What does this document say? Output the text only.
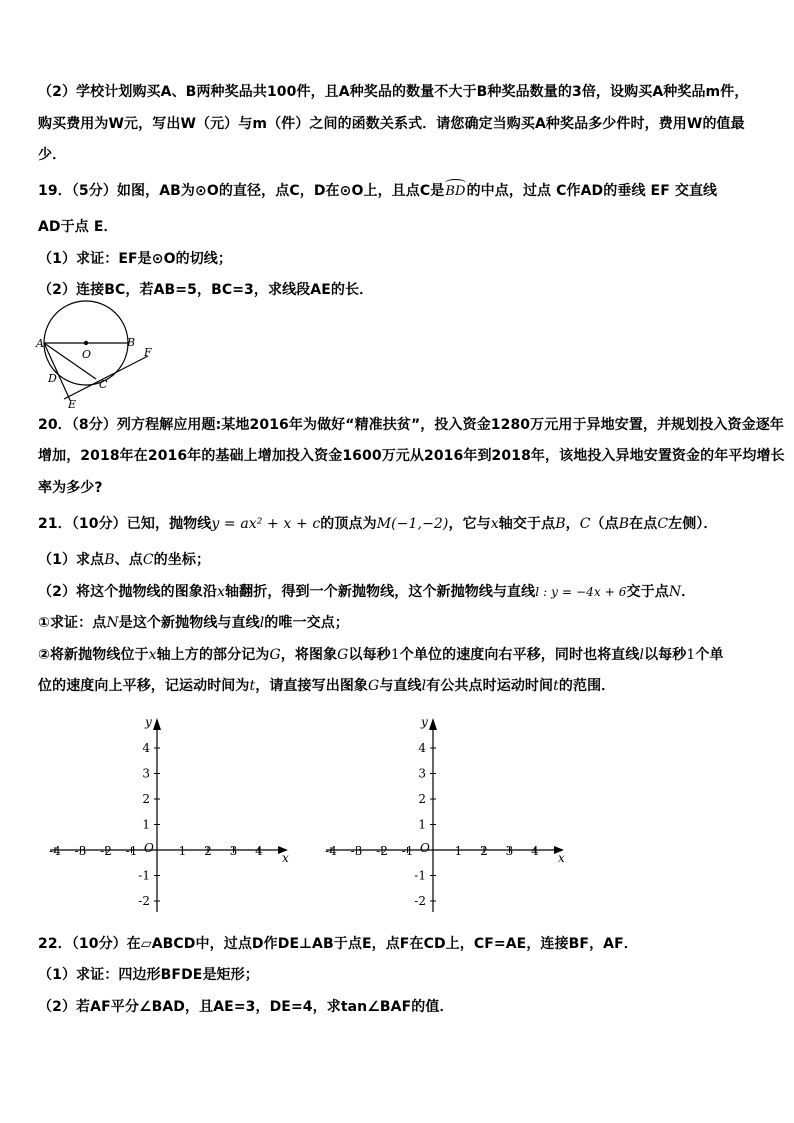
（2）学校计划购买A、B两种奖品共100件，且A种奖品的数量不大于B种奖品数量的3倍，设购买A种奖品m件，
购买费用为W元，写出W（元）与m（件）之间的函数关系式．请您确定当购买A种奖品多少件时，费用W的值最
少．
19．（5分）如图，AB为⊙O的直径，点C，D在⊙O上，且点C是
BD的中点，过点 C作AD的垂线 EF 交直线
AD于点 E．
（1）求证：EF是⊙O的切线；
（2）连接BC，若AB=5，BC=3，求线段AE的长．
A
O
B
F
D	C
E
20．（8分）列方程解应用题:某地2016年为做好“精准扶贫”，投入资金1280万元用于异地安置，并规划投入资金逐年
增加，2018年在2016年的基础上增加投入资金1600万元从2016年到2018年，该地投入异地安置资金的年平均增长
率为多少?
21．（10分）已知，抛物线y = ax² + x + c的顶点为M(−1,−2)，它与x轴交于点B，C（点B在点C左侧）．
（1）求点B、点C的坐标；
（2）将这个抛物线的图象沿x轴翻折，得到一个新抛物线，这个新抛物线与直线l : y = −4x + 6交于点N．
①求证：点N是这个新抛物线与直线l的唯一交点；
②将新抛物线位于x轴上方的部分记为G，将图象G以每秒1个单位的速度向右平移，同时也将直线l以每秒1个单
位的速度向上平移，记运动时间为t，请直接写出图象G与直线l有公共点时运动时间t的范围．
y
x
O
-4 -3 -2 -1	1 2 3 4
4
3
2
1
-1
-2
y
x
O
-4 -3 -2 -1	1 2 3 4
4
3
2
1
-1
-2
22．（10分）在▱ABCD中，过点D作DE⊥AB于点E，点F在CD上，CF=AE，连接BF，AF．
（1）求证：四边形BFDE是矩形；
（2）若AF平分∠BAD，且AE=3，DE=4，求tan∠BAF的值．
